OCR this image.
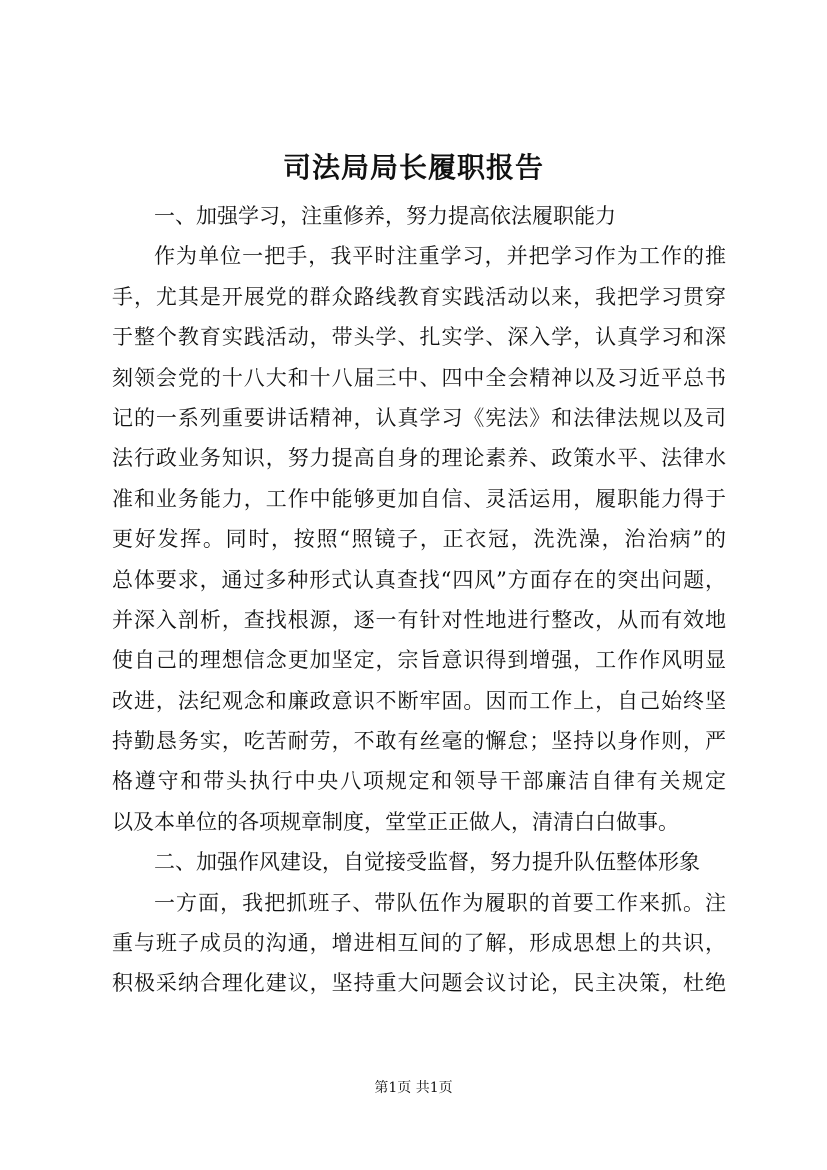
司法局局长履职报告
一、加强学习，注重修养，努力提高依法履职能力
作为单位一把手，我平时注重学习，并把学习作为工作的推
手，尤其是开展党的群众路线教育实践活动以来，我把学习贯穿
于整个教育实践活动，带头学、扎实学、深入学，认真学习和深
刻领会党的十八大和十八届三中、四中全会精神以及习近平总书
记的一系列重要讲话精神，认真学习《宪法》和法律法规以及司
法行政业务知识，努力提高自身的理论素养、政策水平、法律水
准和业务能力，工作中能够更加自信、灵活运用，履职能力得于
更好发挥。同时，按照“照镜子，正衣冠，洗洗澡，治治病”的
总体要求，通过多种形式认真查找“四风”方面存在的突出问题，
并深入剖析，查找根源，逐一有针对性地进行整改，从而有效地
使自己的理想信念更加坚定，宗旨意识得到增强，工作作风明显
改进，法纪观念和廉政意识不断牢固。因而工作上，自己始终坚
持勤恳务实，吃苦耐劳，不敢有丝毫的懈怠；坚持以身作则，严
格遵守和带头执行中央八项规定和领导干部廉洁自律有关规定
以及本单位的各项规章制度，堂堂正正做人，清清白白做事。
二、加强作风建设，自觉接受监督，努力提升队伍整体形象
一方面，我把抓班子、带队伍作为履职的首要工作来抓。注
重与班子成员的沟通，增进相互间的了解，形成思想上的共识，
积极采纳合理化建议，坚持重大问题会议讨论，民主决策，杜绝
第1页 共1页
